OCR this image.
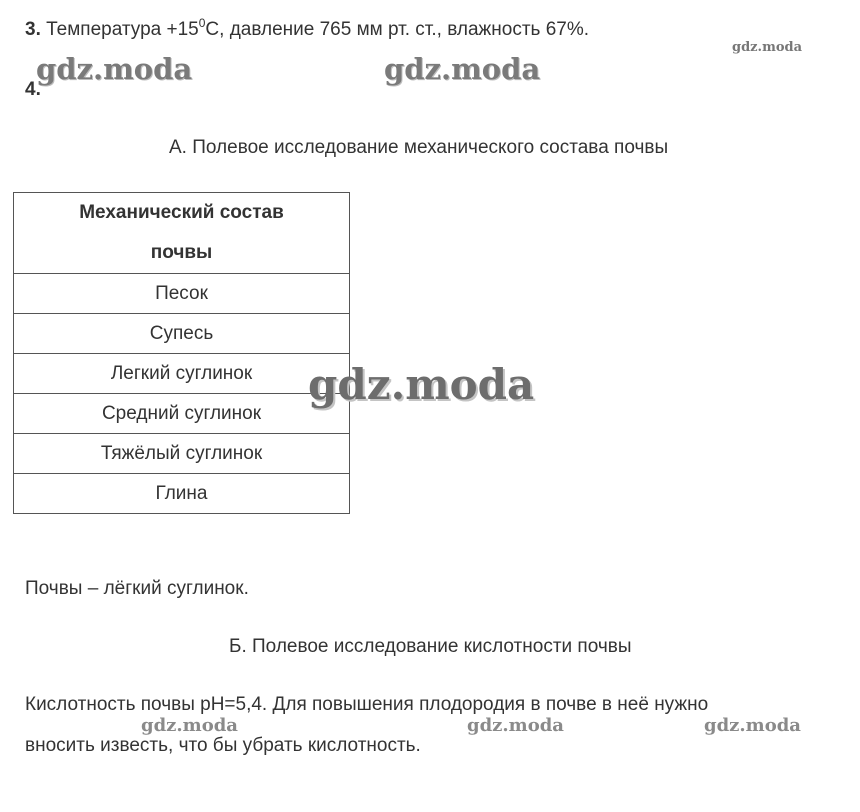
3. Температура $+15^0С$, давление 765 мм рт. ст., влажность 67%.
4.
А. Полевое исследование механического состава почвы
Механический состав
почвы

Песок
Супесь
Легкий суглинок
Средний суглинок
Тяжёлый суглинок
Глина
Почвы – лёгкий суглинок.
Б. Полевое исследование кислотности почвы
Кислотность почвы pH=5,4. Для повышения плодородия в почве в неё нужно
вносить известь, что бы убрать кислотность.
gdz.moda	gdz.moda
gdz.moda
gdz.moda
gdz.moda	gdz.moda	gdz.moda
